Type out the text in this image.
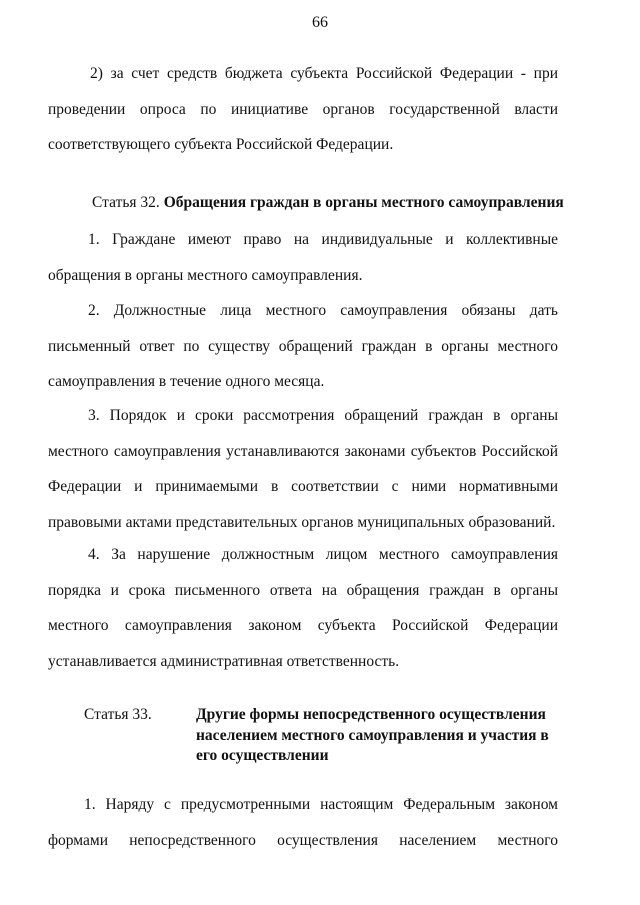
66

2) за счет средств бюджета субъекта Российской Федерации - при проведении опроса по инициативе органов государственной власти соответствующего субъекта Российской Федерации.

Статья 32. Обращения граждан в органы местного самоуправления

1. Граждане имеют право на индивидуальные и коллективные обращения в органы местного самоуправления.

2. Должностные лица местного самоуправления обязаны дать письменный ответ по существу обращений граждан в органы местного самоуправления в течение одного месяца.

3. Порядок и сроки рассмотрения обращений граждан в органы местного самоуправления устанавливаются законами субъектов Российской Федерации и принимаемыми в соответствии с ними нормативными правовыми актами представительных органов муниципальных образований.

4. За нарушение должностным лицом местного самоуправления порядка и срока письменного ответа на обращения граждан в органы местного самоуправления законом субъекта Российской Федерации устанавливается административная ответственность.

Статья 33.	Другие формы непосредственного осуществления населением местного самоуправления и участия в его осуществлении

1. Наряду с предусмотренными настоящим Федеральным законом формами непосредственного осуществления населением местного
